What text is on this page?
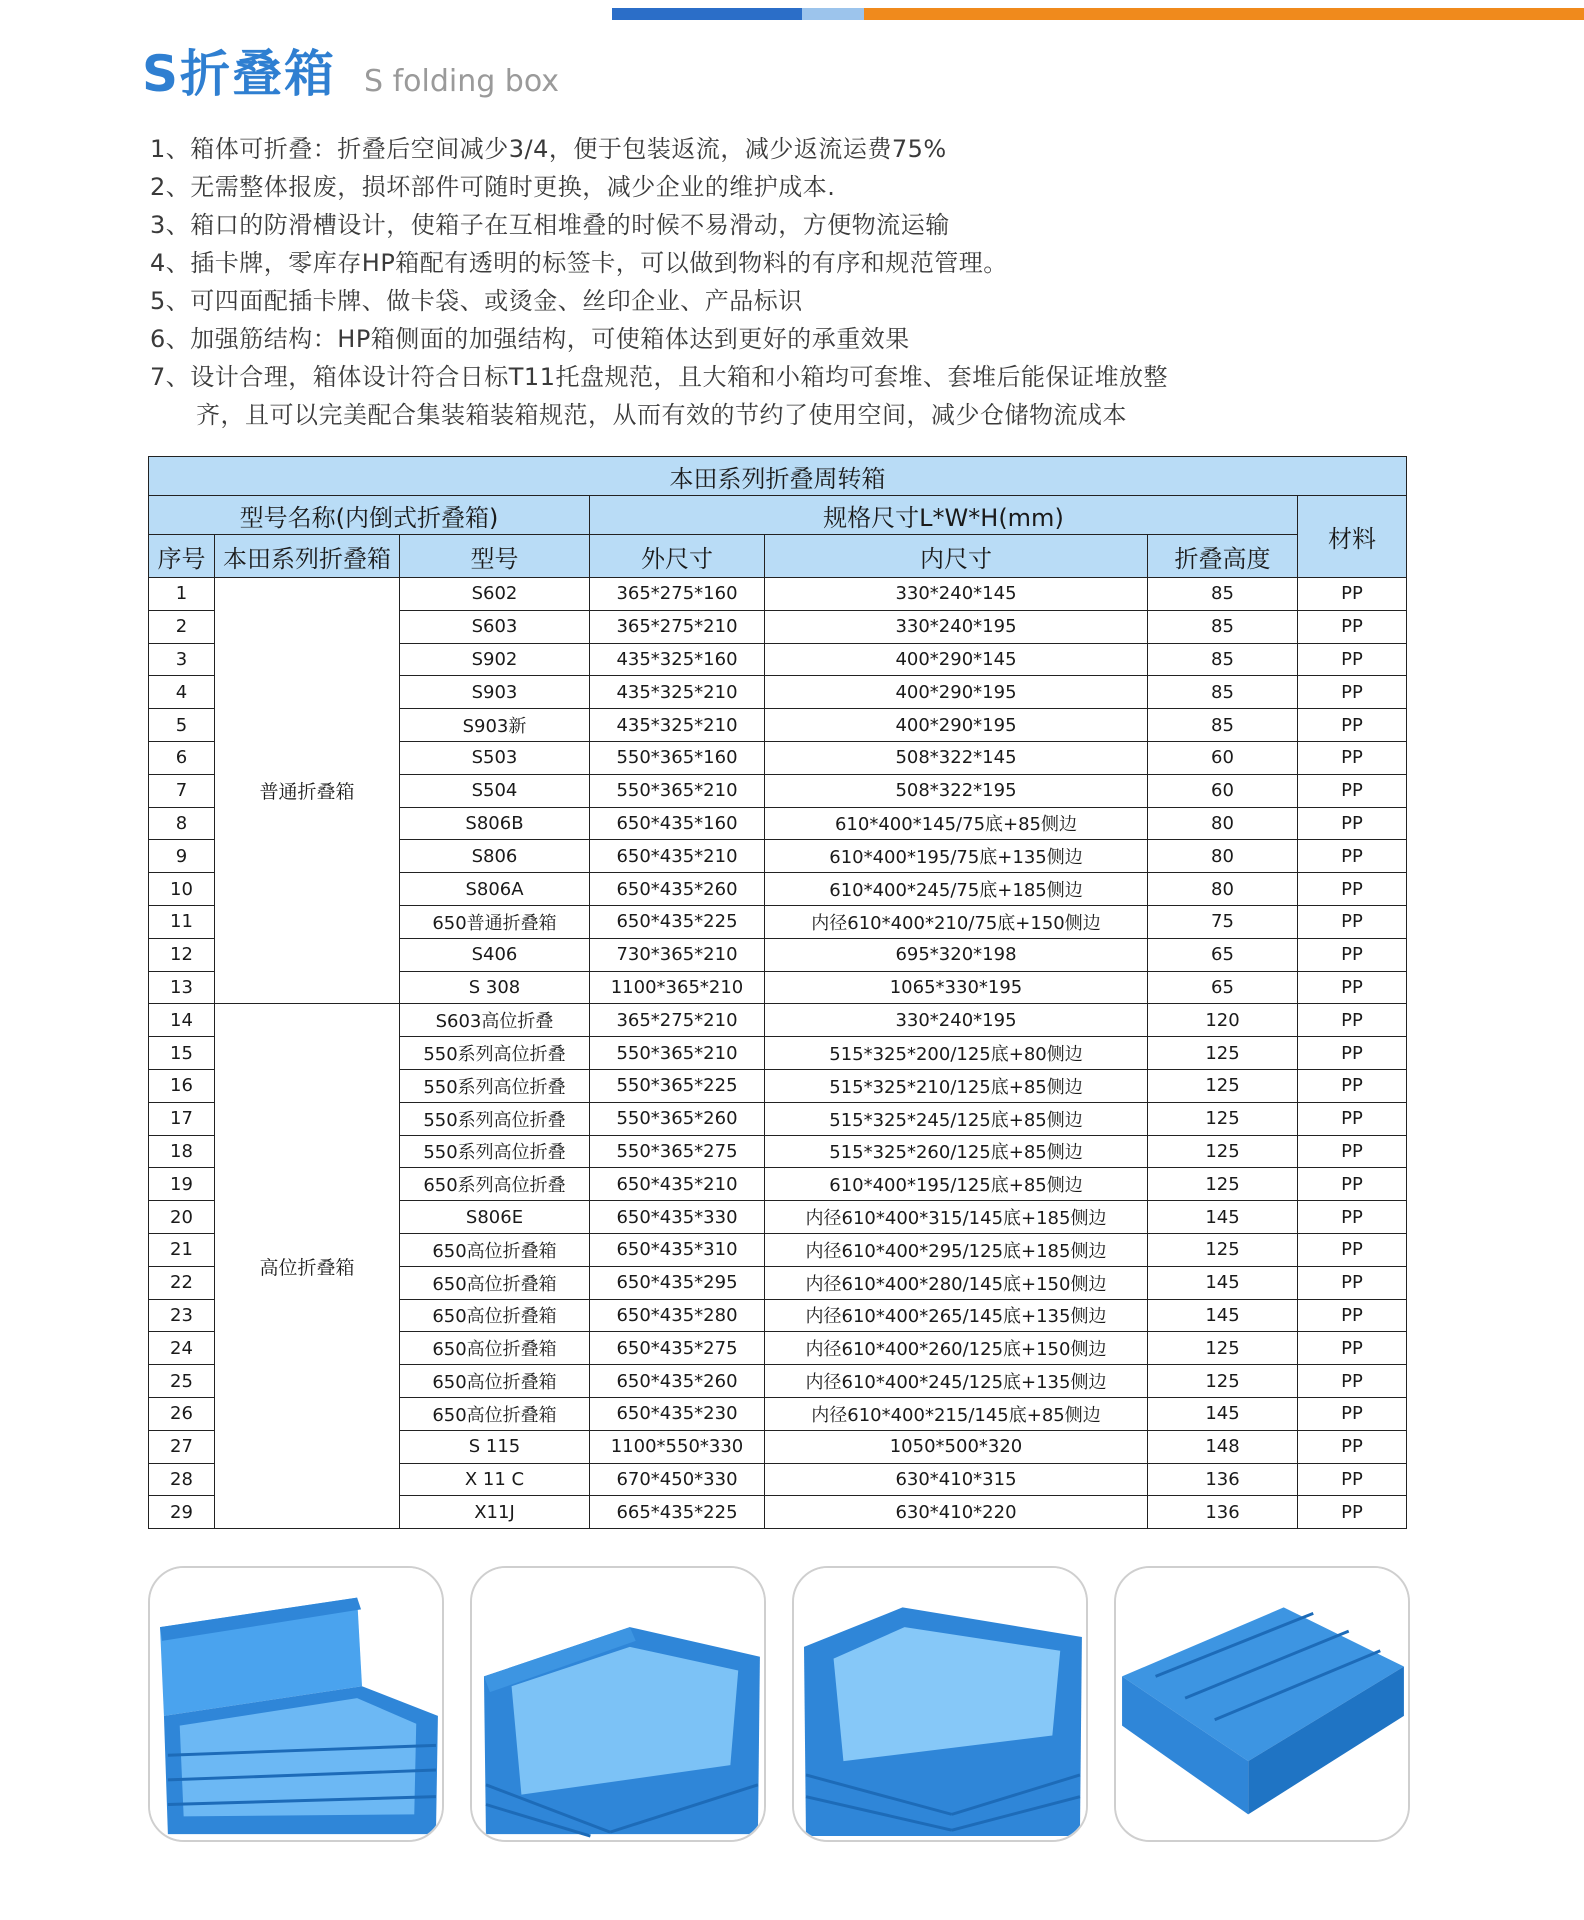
S折叠箱 S folding box
1、箱体可折叠：折叠后空间减少3/4，便于包装返流，减少返流运费75%
2、无需整体报废，损坏部件可随时更换，减少企业的维护成本.
3、箱口的防滑槽设计，使箱子在互相堆叠的时候不易滑动，方便物流运输
4、插卡牌，零库存HP箱配有透明的标签卡，可以做到物料的有序和规范管理。
5、可四面配插卡牌、做卡袋、或烫金、丝印企业、产品标识
6、加强筋结构：HP箱侧面的加强结构，可使箱体达到更好的承重效果
7、设计合理，箱体设计符合日标T11托盘规范，且大箱和小箱均可套堆、套堆后能保证堆放整
齐，且可以完美配合集装箱装箱规范，从而有效的节约了使用空间，减少仓储物流成本
本田系列折叠周转箱						
型号名称(内倒式折叠箱)			规格尺寸L*W*H(mm)			材料
序号	本田系列折叠箱	型号	外尺寸	内尺寸	折叠高度	
1	普通折叠箱	S602	365*275*160	330*240*145	85	PP
2		S603	365*275*210	330*240*195	85	PP
3		S902	435*325*160	400*290*145	85	PP
4		S903	435*325*210	400*290*195	85	PP
5		S903新	435*325*210	400*290*195	85	PP
6		S503	550*365*160	508*322*145	60	PP
7		S504	550*365*210	508*322*195	60	PP
8		S806B	650*435*160	610*400*145/75底+85侧边	80	PP
9		S806	650*435*210	610*400*195/75底+135侧边	80	PP
10		S806A	650*435*260	610*400*245/75底+185侧边	80	PP
11		650普通折叠箱	650*435*225	内径610*400*210/75底+150侧边	75	PP
12		S406	730*365*210	695*320*198	65	PP
13		S 308	1100*365*210	1065*330*195	65	PP
14	高位折叠箱	S603高位折叠	365*275*210	330*240*195	120	PP
15		550系列高位折叠	550*365*210	515*325*200/125底+80侧边	125	PP
16		550系列高位折叠	550*365*225	515*325*210/125底+85侧边	125	PP
17		550系列高位折叠	550*365*260	515*325*245/125底+85侧边	125	PP
18		550系列高位折叠	550*365*275	515*325*260/125底+85侧边	125	PP
19		650系列高位折叠	650*435*210	610*400*195/125底+85侧边	125	PP
20		S806E	650*435*330	内径610*400*315/145底+185侧边	145	PP
21		650高位折叠箱	650*435*310	内径610*400*295/125底+185侧边	125	PP
22		650高位折叠箱	650*435*295	内径610*400*280/145底+150侧边	145	PP
23		650高位折叠箱	650*435*280	内径610*400*265/145底+135侧边	145	PP
24		650高位折叠箱	650*435*275	内径610*400*260/125底+150侧边	125	PP
25		650高位折叠箱	650*435*260	内径610*400*245/125底+135侧边	125	PP
26		650高位折叠箱	650*435*230	内径610*400*215/145底+85侧边	145	PP
27		S 115	1100*550*330	1050*500*320	148	PP
28		X 11 C	670*450*330	630*410*315	136	PP
29		X11J	665*435*225	630*410*220	136	PP
